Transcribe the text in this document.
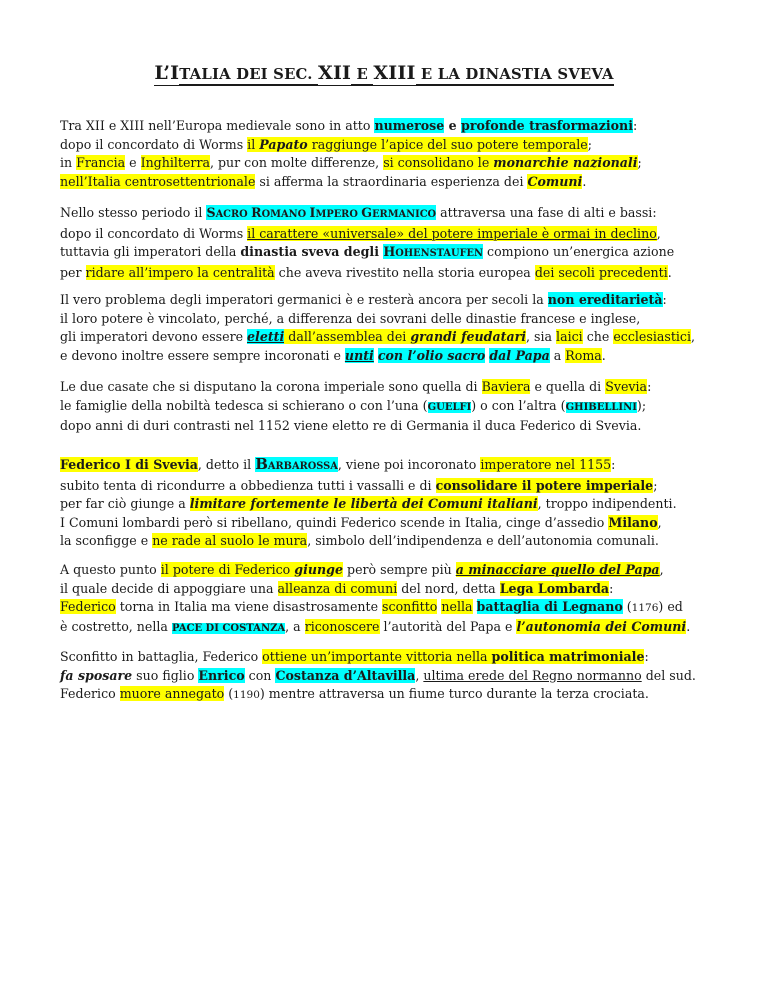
L’ITALIA DEI SEC. XII E XIII E LA DINASTIA SVEVA
Tra XII e XIII nell’Europa medievale sono in atto numerose e profonde trasformazioni:
dopo il concordato di Worms il Papato raggiunge l’apice del suo potere temporale;
in Francia e Inghilterra, pur con molte differenze, si consolidano le monarchie nazionali;
nell’Italia centrosettentrionale si afferma la straordinaria esperienza dei Comuni.
Nello stesso periodo il SACRO ROMANO IMPERO GERMANICO attraversa una fase di alti e bassi:
dopo il concordato di Worms il carattere «universale» del potere imperiale è ormai in declino,
tuttavia gli imperatori della dinastia sveva degli HOHENSTAUFEN compiono un’energica azione
per ridare all’impero la centralità che aveva rivestito nella storia europea dei secoli precedenti.
Il vero problema degli imperatori germanici è e resterà ancora per secoli la non ereditarietà:
il loro potere è vincolato, perché, a differenza dei sovrani delle dinastie francese e inglese,
gli imperatori devono essere eletti dall’assemblea dei grandi feudatari, sia laici che ecclesiastici,
e devono inoltre essere sempre incoronati e unti con l’olio sacro dal Papa a Roma.
Le due casate che si disputano la corona imperiale sono quella di Baviera e quella di Svevia:
le famiglie della nobiltà tedesca si schierano o con l’una (GUELFI) o con l’altra (GHIBELLINI);
dopo anni di duri contrasti nel 1152 viene eletto re di Germania il duca Federico di Svevia.
Federico I di Svevia, detto il BARBAROSSA, viene poi incoronato imperatore nel 1155:
subito tenta di ricondurre a obbedienza tutti i vassalli e di consolidare il potere imperiale;
per far ciò giunge a limitare fortemente le libertà dei Comuni italiani, troppo indipendenti.
I Comuni lombardi però si ribellano, quindi Federico scende in Italia, cinge d’assedio Milano,
la sconfigge e ne rade al suolo le mura, simbolo dell’indipendenza e dell’autonomia comunali.
A questo punto il potere di Federico giunge però sempre più a minacciare quello del Papa,
il quale decide di appoggiare una alleanza di comuni del nord, detta Lega Lombarda:
Federico torna in Italia ma viene disastrosamente sconfitto nella battaglia di Legnano (1176) ed
è costretto, nella PACE DI COSTANZA, a riconoscere l’autorità del Papa e l’autonomia dei Comuni.
Sconfitto in battaglia, Federico ottiene un’importante vittoria nella politica matrimoniale:
fa sposare suo figlio Enrico con Costanza d’Altavilla, ultima erede del Regno normanno del sud.
Federico muore annegato (1190) mentre attraversa un fiume turco durante la terza crociata.
